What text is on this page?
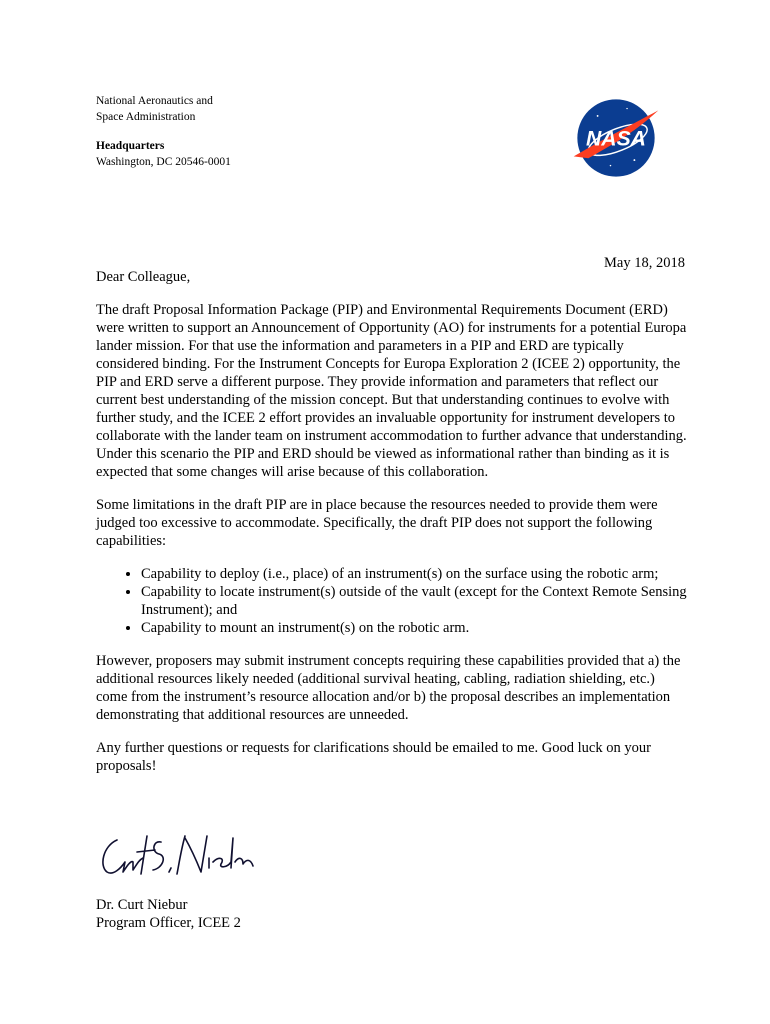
National Aeronautics and
Space Administration
Headquarters
Washington, DC 20546-0001
NASA
May 18, 2018

Dear Colleague,

The draft Proposal Information Package (PIP) and Environmental Requirements Document (ERD) were written to support an Announcement of Opportunity (AO) for instruments for a potential Europa lander mission. For that use the information and parameters in a PIP and ERD are typically considered binding. For the Instrument Concepts for Europa Exploration 2 (ICEE 2) opportunity, the PIP and ERD serve a different purpose. They provide information and parameters that reflect our current best understanding of the mission concept. But that understanding continues to evolve with further study, and the ICEE 2 effort provides an invaluable opportunity for instrument developers to collaborate with the lander team on instrument accommodation to further advance that understanding. Under this scenario the PIP and ERD should be viewed as informational rather than binding as it is expected that some changes will arise because of this collaboration.

Some limitations in the draft PIP are in place because the resources needed to provide them were judged too excessive to accommodate. Specifically, the draft PIP does not support the following capabilities:

• Capability to deploy (i.e., place) of an instrument(s) on the surface using the robotic arm;
• Capability to locate instrument(s) outside of the vault (except for the Context Remote Sensing Instrument); and
• Capability to mount an instrument(s) on the robotic arm.

However, proposers may submit instrument concepts requiring these capabilities provided that a) the additional resources likely needed (additional survival heating, cabling, radiation shielding, etc.) come from the instrument’s resource allocation and/or b) the proposal describes an implementation demonstrating that additional resources are unneeded.

Any further questions or requests for clarifications should be emailed to me. Good luck on your proposals!

Dr. Curt Niebur
Program Officer, ICEE 2
